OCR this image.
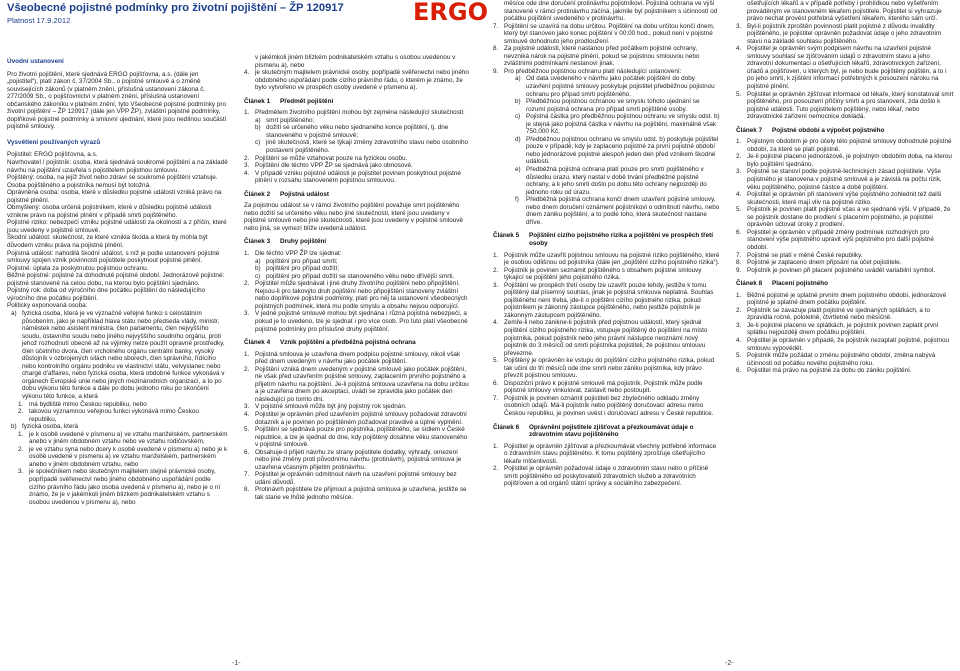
Všeobecné pojistné podmínky pro životní pojištění – ŽP 120917
Platnost 17.9.2012	ERGO

Úvodní ustanovení

Pro životní pojištění, které sjednává ERGO pojišťovna, a.s. (dále jen „pojistitel“), platí zákon č. 37/2004 Sb., o pojistné smlouvě a o změně souvisejících zákonů (v platném znění, příslušná ustanovení zákona č. 277/2009 Sb., o pojišťovnictví v platném znění, příslušná ustanovení občanského zákoníku v platném znění, tyto Všeobecné pojistné podmínky pro životní pojištění – ŽP 120917 (dále jen VPP ŽP), zvláštní pojistné podmínky, doplňkové pojistné podmínky a smluvní ujednání, které jsou nedílnou součástí pojistné smlouvy.

Vysvětlení používaných výrazů

Pojistitel: ERGO pojišťovna, a.s.

Navrhovatel / pojistník: osoba, která sjednává soukromé pojištění a na základě návrhu na pojištění uzavřela s pojistitelem pojistnou smlouvu.

Pojištěný: osoba, na jejíž život nebo zdraví se soukromé pojištění vztahuje. Osoba pojištěného a pojistníka nemusí být totožná.

Oprávněná osoba: osoba, které v důsledku pojistné události vzniká právo na pojistné plnění.

Obmyšlený: osoba určená pojistníkem, které v důsledku pojistné události vznikne právo na pojistné plnění v případě smrti pojištěného.

Pojistné riziko: nebezpečí vzniku pojistné události za okolností a z příčin, které jsou uvedeny v pojistné smlouvě.

Škodní událost: skutečnost, ze které vznikla škoda a která by mohla být důvodem vzniku práva na pojistné plnění.

Pojistná událost: nahodilá škodní událost, s níž je podle ustanovení pojistné smlouvy spojen vznik povinnosti pojistitele poskytnout pojistné plnění. Pojistné: úplata za poskytnutou pojistnou ochranu.

Běžné pojistné: pojistné za dohodnuté pojistné období. Jednorázové pojistné: pojistné stanovené na celou dobu, na kterou bylo pojištění sjednáno.

Pojistný rok: doba od výročního dne počátku pojištění do následujícího výročního dne počátku pojištění.

Politicky exponovaná osoba:

a) fyzická osoba, která je ve význačné veřejné funkci s celostátním působením, jako je například hlava státu nebo předseda vlády, ministr, náměstek nebo asistent ministra, člen parlamentu, člen nejvyššího soudu, ústavního soudu nebo jiného nejvyššího soudního orgánu, proti jehož rozhodnutí obecně až na výjimky nelze použít opravné prostředky, člen účetního dvora, člen vrcholného orgánu centrální banky, vysoký důstojník v ozbrojených silách nebo sborech, člen správního, řídícího nebo kontrolního orgánu podniku ve vlastnictví státu, velvyslanec nebo chargé d'affaires, nebo fyzická osoba, která obdobné funkce vykonává v orgánech Evropské unie nebo jiných mezinárodních organizací, a to po dobu výkonu této funkce a dále po dobu jednoho roku po skončení výkonu této funkce, a která
1. má bydliště mimo Českou republiku, nebo
2. takovou významnou veřejnou funkci vykonává mimo Českou republiku,
b) fyzická osoba, která
1. je k osobě uvedené v písmenu a) ve vztahu manželském, partnerském anebo v jiném obdobném vztahu nebo ve vztahu rodičovském,
2. je ve vztahu syna nebo dcery k osobě uvedené v písmenu a) nebo je k osobě uvedené v písmenu a) ve vztahu manželském, partnerském anebo v jiném obdobném vztahu, nebo
3. je společníkem nebo skutečným majitelem stejné právnické osoby, popřípadě svěřenectví nebo jiného obdobného uspořádání podle cizího právního řádu jako osoba uvedená v písmenu a), nebo je o ní známo, že je v jakémkoli jiném blízkém podnikatelském vztahu s osobou uvedenou v písmenu a), nebo
v jakémkoli jiném blízkém podnikatelském vztahu s osobou uvedenou v písmenu a), nebo
4. je skutečným majitelem právnické osoby, popřípadě svěřenectví nebo jiného obdobného uspořádání podle cizího právního řádu, o kterém je známo, že bylo vytvořeno ve prospěch osoby uvedené v písmenu a).
Článek 1	Předmět pojištění
1. Předmětem životního pojištění mohou být zejména následující skutečnosti:
a) smrt pojištěného;
b) dožití se určeného věku nebo sjednaného konce pojištění, tj. dne stanoveného v pojistné smlouvě;
c) jiné skutečnosti, které se týkají změny zdravotního stavu nebo osobního postavení pojištěného.
2. Pojištění se může vztahovat pouze na fyzickou osobu.
3. Pojištění dle těchto VPP ŽP se sjednává jako obnosové.
4. V případě vzniku pojistné události je pojistitel povinen poskytnout pojistné plnění v rozsahu stanoveném pojistnou smlouvou.
Článek 2	Pojistná událost

Za pojistnou událost se v rámci životního pojištění považuje smrt pojištěného nebo dožití se určeného věku nebo jiné skutečnosti, které jsou uvedeny v pojistné smlouvě nebo jiné skutečnosti, které jsou uvedeny v pojistné smlouvě nebo jiná, se vymezí blíže uvedená událost.

Článek 3	Druhy pojištění
1. Dle těchto VPP ŽP lze sjednat:
a) pojištění pro případ smrti;
b) pojištění pro případ dožití;
c) pojištění pro případ dožití se stanoveného věku nebo dřívější smrti.
2. Pojistitel může sjednávat i jiné druhy životního pojištění nebo připojištění. Nejsou-li pro takovýto druh pojištění nebo připojištění stanoveny zvláštní nebo doplňkové pojistné podmínky, platí pro něj ta ustanovení všeobecných pojistných podmínek, která mu podle smyslu a obsahu nejsou odporující.
3. V jedné pojistné smlouvě mohou být sjednána i různá pojistná nebezpečí, a pokud je to uvedeno, lze je sjednat i pro více osob. Pro tuto platí všeobecné pojistné podmínky pro příslušné druhy pojištění.
Článek 4	Vznik pojištění a předběžná pojistná ochrana
1. Pojistná smlouva je uzavřena dnem podpisu pojistné smlouvy, nikoli však před dnem uvedeným v návrhu jako počátek pojištění.
2. Pojištění vzniká dnem uvedeným v pojistné smlouvě jako počátek pojištění, ne však před uzavřením pojistné smlouvy, zaplacením prvního pojistného a přijetím návrhu na pojištění. Je-li pojistná smlouva uzavřena na dobu určitou a je uzavřena dnem po akceptaci, uvádí se zpravidla jako počátek den následující po tomto dni.
3. V pojistné smlouvě může být jiný pojistný rok sjednán.
4. Pojistitel je oprávněn před uzavřením pojistné smlouvy požadovat zdravotní dotazník a je povinen po pojištěném požadovat pravdivé a úplné vyplnění.
5. Pojištění se sjednává pouze pro pojistníka, pojištěného, se sídlem v České republice, a lze je sjednat do dne, kdy pojištěný dosáhne věku stanoveného v pojistné smlouvě.
6. Obsahuje-li přijetí návrhu ze strany pojistitele dodatky, výhrady, omezení nebo jiné změny proti původnímu návrhu (protinávrh), pojistná smlouva je uzavřena včasným přijetím protinávrhu.
7. Pojistitel je oprávněn odmítnout návrh na uzavření pojistné smlouvy bez udání důvodů.
8. Protinávrh pojistitele lze přijmout a pojistná smlouva je uzavřena, jestliže se tak stane ve lhůtě jednoho měsíce.

měsíce ode dne doručení protinávrhu pojistníkovi. Pojistná ochrana ve výši stanovené v rámci protinávrhu začíná, jakmile byl pojistníkem s účinností od počátku pojištění uvedeného v protinávrhu.

7. Pojištění se uzavírá na dobu určitou. Pojištění na dobu určitou končí dnem, který byl stanoven jako konec pojištění v 00:00 hod., pokud není v pojistné smlouvě dohodnuto jeho prodloužení.
8. Za pojistné události, které nastanou před počátkem pojistné ochrany, nevzniká nárok na pojistné plnění, pokud se pojistnou smlouvou nebo zvláštními podmínkami nestanoví jinak.
9. Pro předběžnou pojistnou ochranu platí následující ustanovení:
a) Od data uvedeného v návrhu jako počátek pojištění do doby uzavření pojistné smlouvy poskytuje pojistitel předběžnou pojistnou ochranu pro případ smrti pojištěného.
b) Předběžnou pojistnou ochranou ve smyslu tohoto ujednání se rozumí pojistná ochrana pro případ smrti pojištěné osoby.
c) Pojistná částka pro předběžnou pojistnou ochranu ve smyslu odst. b) je stejná jako pojistná částka v návrhu na pojištění, maximálně však 750.000 Kč.
d) Předběžnou pojistnou ochranu ve smyslu odst. b) poskytuje pojistitel pouze v případě, kdy je zaplaceno pojistné za první pojistné období nebo jednorázové pojistné alespoň jeden den před vznikem škodné události.
e) Předběžná pojistná ochrana platí pouze pro smrtí pojištěného v důsledku úrazu, který nastal v době trvání předběžné pojistné ochrany, a k jeho smrti došlo po dobu této ochrany nejpozději do jednoho roku od úrazu.
f)	Předběžná pojistná ochrana končí dnem uzavření pojistné smlouvy, nebo dnem doručení oznámení pojistníkovi o odmítnutí návrhu, nebo dnem zániku pojištění, a to podle toho, která skutečnost nastane dříve.
Článek 5	Pojištění cizího pojistného rizika a pojištění ve prospěch třetí osoby
1. Pojistník může uzavřít pojistnou smlouvu na pojistné riziko pojištěného, které je osobou odlišnou od pojistníka (dále jen „pojištění cizího pojistného rizika“).
2. Pojistník je povinen seznámit pojištěného s obsahem pojistné smlouvy týkající se pojištění jeho pojistného rizika.
3. Pojištění ve prospěch třetí osoby lze uzavřít pouze tehdy, jestliže k tomu pojištěný dal písemný souhlas, jinak je pojistná smlouva neplatná. Souhlas pojištěného není třeba, jde-li o pojištění cizího pojistného rizika, pokud pojistníkem je zákonný zástupce pojištěného, nebo jestliže pojistník je zákonným zástupcem pojištěného.
4. Zemře-li nebo zanikne-li pojistník před pojistnou událostí, který sjednal pojištění cizího pojistného rizika, vstupuje pojištěný do pojištění na místo pojistníka, pokud pojistník nebo jeho právní nástupce neoznámí nový pojistník do 3 měsíců od smrti pojistníka pojistiteli, že pojistnou smlouvu převezme.
5. Pojištěný je oprávněn ke vstupu do pojištění cizího pojistného rizika, pokud tak učiní do tří měsíců ode dne smrti nebo zániku pojistníka, kdy právo převzít pojistnou smlouvu.
6. Dispoziční právo k pojistné smlouvě má pojistník. Pojistník může podle pojistné smlouvy vinkulovat, zastavit nebo postoupit.
7. Pojistník je povinen oznámit pojistiteli bez zbytečného odkladu změny osobních údajů. Má-li pojistník nebo pojištěný doručovací adresu mimo Českou republiku, je povinen uvést i doručovací adresu v České republice.
Článek 6	Oprávnění pojistitele zjišťovat a přezkoumávat údaje o zdravotním stavu pojištěného
1. Pojistitel je oprávněn zjišťovat a přezkoumávat všechny potřebné informace o zdravotním stavu pojištěného. K tomu pojištěný zprošťuje ošetřujícího lékaře mlčenlivosti.
2. Pojistitel je oprávněn požadovat údaje o zdravotním stavu nebo o příčině smrti pojištěného od poskytovatelů zdravotních služeb a zdravotních pojišťoven a od orgánů státní správy a sociálního zabezpečení.

ošetřujících lékařů a v případě potřeby i prohlídkou nebo vyšetřením prováděným ve stanoveném lékařem pojistitele. Pojistitel si vyhrazuje právo nechat provést potřebná vyšetření lékařem, kterého sám určí.

3. Byl-li pojistník zproštěn povinnosti platit pojistné z důvodu invalidity pojištěného, je pojistitel oprávněn požadovat údaje o jeho zdravotním stavu na základě souhlasu pojištěného.
4. Pojistitel je oprávněn svým podpisem návrhu na uzavření pojistné smlouvy souhlasí se zjišťováním údajů o zdravotním stavu a jeho zdravotní dokumentaci u ošetřujících lékařů, zdravotnických zařízení, úřadů a pojišťoven, u kterých byl, je nebo bude pojištěný pojištěn, a to i po jeho smrti, k zjištění informací potřebných k posouzení nároku na pojistné plnění.
5. Pojistitel je oprávněn zjišťovat informace od lékaře, který konstatoval smrt pojištěného, pro posouzení příčiny smrti a pro stanovení, zda došlo k pojistné události. Tuto pojistitelem pojištěný, nebo lékař, nebo zdravotnické zařízení nemocnice dokládá.
Článek 7	Pojistné období a výpočet pojistného
1. Pojistným obdobím je pro účely této pojistné smlouvy dohodnuté pojistné období, za které se platí pojistné.
2. Je-li pojistné placeno jednorázově, je pojistným obdobím doba, na kterou bylo pojištění sjednáno.
3. Pojistné se stanoví podle pojistně-technických zásad pojistitele. Výše pojistného je stanovena v pojistné smlouvě a je závislá na počtu rizik, věku pojištěného, pojistné částce a době pojištění.
4. Pojistitel je oprávněn při stanovení výše pojistného zohlednit též další skutečnosti, které mají vliv na pojistné riziko.
5. Pojistník je povinen platit pojistné včas a ve sjednané výši. V případě, že se pojistník dostane do prodlení s placením pojistného, je pojistitel oprávněn účtovat úroky z prodlení.
6. Pojistitel je oprávněn v případě změny podmínek rozhodných pro stanovení výše pojistného upravit výši pojistného pro další pojistné období.
7. Pojistné se platí v měně České republiky.
8. Pojistné je zaplaceno dnem připsání na účet pojistitele.
9. Pojistník je povinen při placení pojistného uvádět variabilní symbol.
Článek 8	Placení pojistného
1. Běžné pojistné je splatné prvním dnem pojistného období, jednorázové pojistné je splatné dnem počátku pojištění.
2. Pojistník se zavazuje platit pojistné ve sjednaných splátkách, a to zpravidla ročně, pololetně, čtvrtletně nebo měsíčně.
3. Je-li pojistné placeno ve splátkách, je pojistník povinen zaplatit první splátku nejpozději dnem počátku pojištění.
4. Pojistitel je oprávněn v případě, že pojistník nezaplatí pojistné, pojistnou smlouvu vypovědět.
5. Pojistník může požádat o změnu pojistného období, změna nabývá účinnosti od počátku nového pojistného roku.
6. Pojistitel má právo na pojistné za dobu do zániku pojištění.
-1-	-2-
